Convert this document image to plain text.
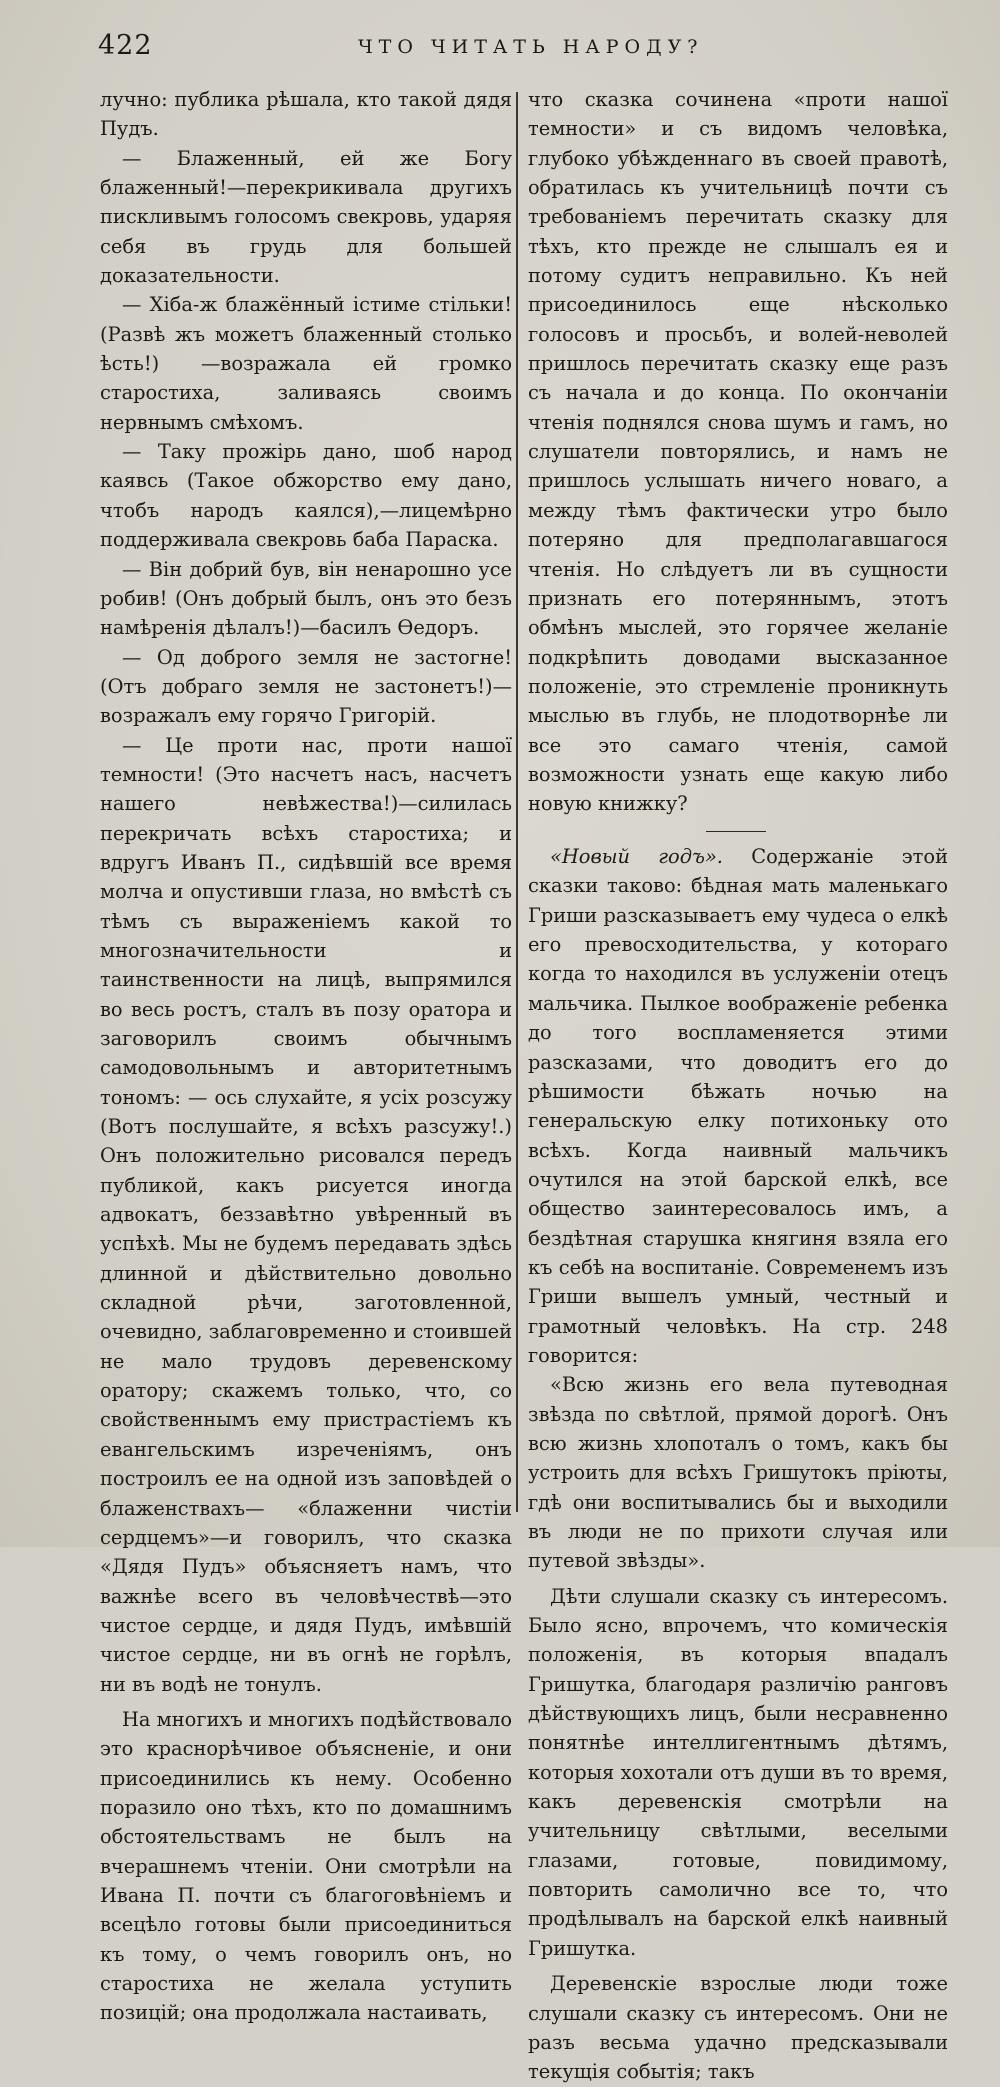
422	ЧТО ЧИТАТЬ НАРОДУ?

лучно: публика рѣшала, кто такой дядя Пудъ.

— Блаженный, ей же Богу блаженный!—перекрикивала другихъ пискливымъ голосомъ свекровь, ударяя себя въ грудь для большей доказательности.

— Хіба-ж блажённый істиме стільки! (Развѣ жъ можетъ блаженный столько ѣсть!) —возражала ей громко старостиха, заливаясь своимъ нервнымъ смѣхомъ.

— Таку прожірь дано, шоб народ каявсь (Такое обжорство ему дано, чтобъ народъ каялся),—лицемѣрно поддерживала свекровь баба Параска.

— Він добрий був, він ненарошно усе робив! (Онъ добрый былъ, онъ это безъ намѣренія дѣлалъ!)—басилъ Ѳедоръ.

— Од доброго земля не застогне! (Отъ добраго земля не застонетъ!)—возражалъ ему горячо Григорій.

— Це проти нас, проти нашої темности! (Это насчетъ насъ, насчетъ нашего невѣжества!)—силилась перекричать всѣхъ старостиха; и вдругъ Иванъ П., сидѣвшій все время молча и опустивши глаза, но вмѣстѣ съ тѣмъ съ выраженіемъ какой то многозначительности и таинственности на лицѣ, выпрямился во весь ростъ, сталъ въ позу оратора и заговорилъ своимъ обычнымъ самодовольнымъ и авторитетнымъ тономъ: — ось слухайте, я усіх розсужу (Вотъ послушайте, я всѣхъ разсужу!.) Онъ положительно рисовался передъ публикой, какъ рисуется иногда адвокатъ, беззавѣтно увѣренный въ успѣхѣ. Мы не будемъ передавать здѣсь длинной и дѣйствительно довольно складной рѣчи, заготовленной, очевидно, заблаговременно и стоившей не мало трудовъ деревенскому оратору; скажемъ только, что, со свойственнымъ ему пристрастіемъ къ евангельскимъ изреченіямъ, онъ построилъ ее на одной изъ заповѣдей о блаженствахъ— «блаженни чистіи сердцемъ»—и говорилъ, что сказка «Дядя Пудъ» объясняетъ намъ, что важнѣе всего въ человѣчествѣ—это чистое сердце, и дядя Пудъ, имѣвшій чистое сердце, ни въ огнѣ не горѣлъ, ни въ водѣ не тонулъ.

На многихъ и многихъ подѣйствовало это краснорѣчивое объясненіе, и они присоединились къ нему. Особенно поразило оно тѣхъ, кто по домашнимъ обстоятельствамъ не былъ на вчерашнемъ чтеніи. Они смотрѣли на Ивана П. почти съ благоговѣніемъ и всецѣло готовы были присоединиться къ тому, о чемъ говорилъ онъ, но старостиха не желала уступить позицій; она продолжала настаивать,

что сказка сочинена «проти нашої темности» и съ видомъ человѣка, глубоко убѣжденнаго въ своей правотѣ, обратилась къ учительницѣ почти съ требованіемъ перечитать сказку для тѣхъ, кто прежде не слышалъ ея и потому судитъ неправильно. Къ ней присоединилось еще нѣсколько голосовъ и просьбъ, и волей-неволей пришлось перечитать сказку еще разъ съ начала и до конца. По окончаніи чтенія поднялся снова шумъ и гамъ, но слушатели повторялись, и намъ не пришлось услышать ничего новаго, а между тѣмъ фактически утро было потеряно для предполагавшагося чтенія. Но слѣдуетъ ли въ сущности признать его потеряннымъ, этотъ обмѣнъ мыслей, это горячее желаніе подкрѣпить доводами высказанное положеніе, это стремленіе проникнуть мыслью въ глубь, не плодотворнѣе ли все это самаго чтенія, самой возможности узнать еще какую либо новую книжку?

«Новый годъ». Содержаніе этой сказки таково: бѣдная мать маленькаго Гриши разсказываетъ ему чудеса о елкѣ его превосходительства, у котораго когда то находился въ услуженіи отецъ мальчика. Пылкое воображеніе ребенка до того воспламеняется этими разсказами, что доводитъ его до рѣшимости бѣжать ночью на генеральскую елку потихоньку ото всѣхъ. Когда наивный мальчикъ очутился на этой барской елкѣ, все общество заинтересовалось имъ, а бездѣтная старушка княгиня взяла его къ себѣ на воспитаніе. Современемъ изъ Гриши вышелъ умный, честный и грамотный человѣкъ. На стр. 248 говорится:

«Всю жизнь его вела путеводная звѣзда по свѣтлой, прямой дорогѣ. Онъ всю жизнь хлопоталъ о томъ, какъ бы устроить для всѣхъ Гришутокъ пріюты, гдѣ они воспитывались бы и выходили въ люди не по прихоти случая или путевой звѣзды».

Дѣти слушали сказку съ интересомъ. Было ясно, впрочемъ, что комическія положенія, въ которыя впадалъ Гришутка, благодаря различію ранговъ дѣйствующихъ лицъ, были несравненно понятнѣе интеллигентнымъ дѣтямъ, которыя хохотали отъ души въ то время, какъ деревенскія смотрѣли на учительницу свѣтлыми, веселыми глазами, готовые, повидимому, повторить самолично все то, что продѣлывалъ на барской елкѣ наивный Гришутка.

Деревенскіе взрослые люди тоже слушали сказку съ интересомъ. Они не разъ весьма удачно предсказывали текущія событія; такъ
